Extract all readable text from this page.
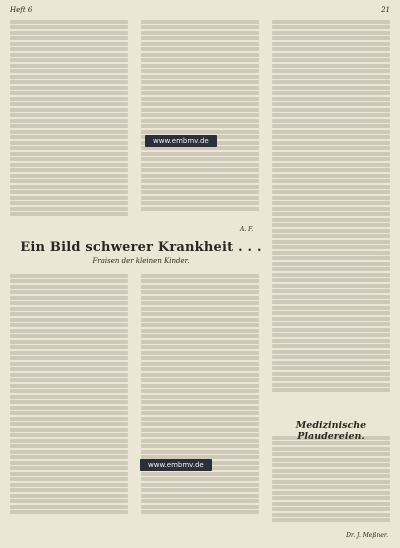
Heft 6	21
A. F.
Ein Bild schwerer Krankheit . . .
Fraisen der kleinen Kinder.
Medizinische Plaudereien.
Dr. J. Meßner.
www.embmv.de
www.embmv.de
